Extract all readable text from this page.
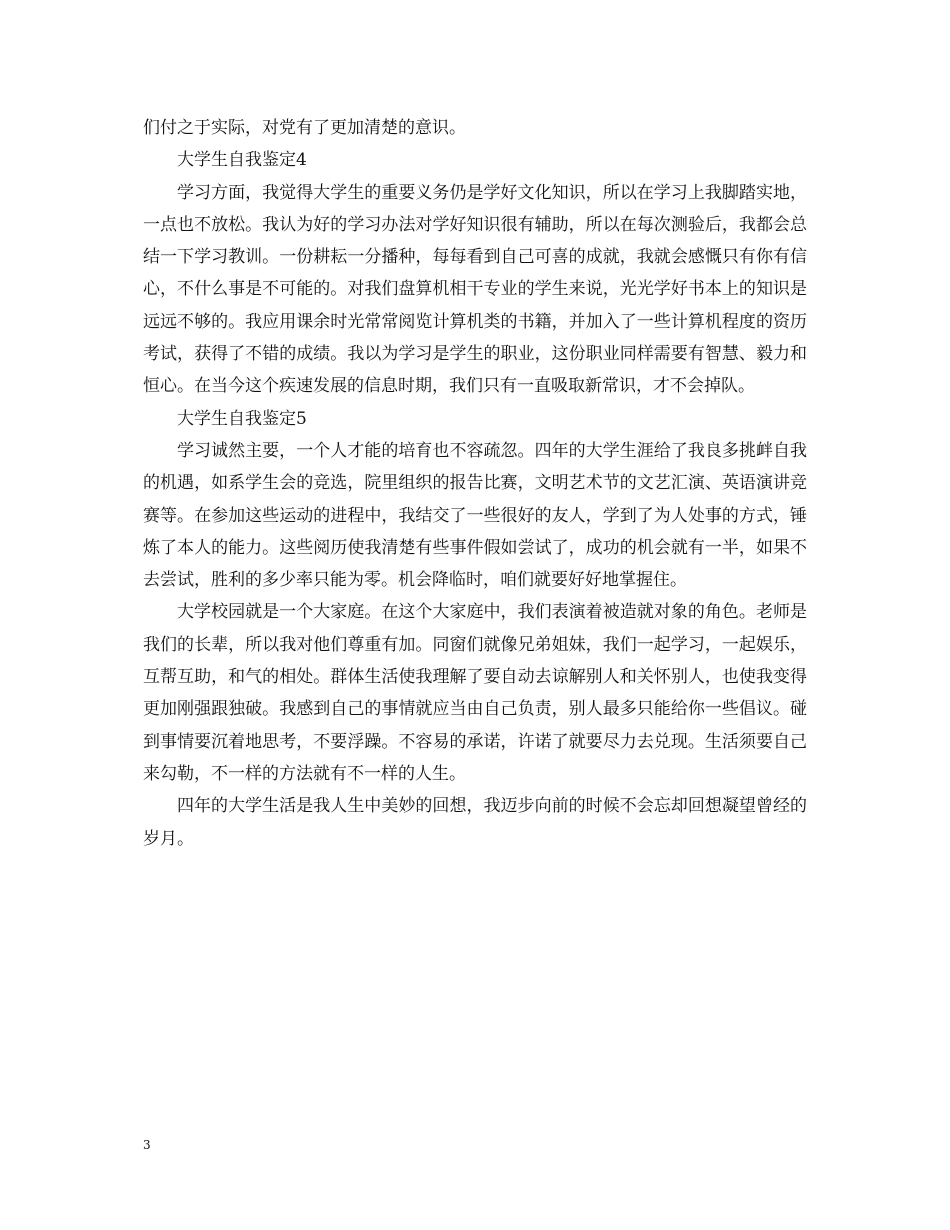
们付之于实际，对党有了更加清楚的意识。

大学生自我鉴定4

学习方面，我觉得大学生的重要义务仍是学好文化知识，所以在学习上我脚踏实地，一点也不放松。我认为好的学习办法对学好知识很有辅助，所以在每次测验后，我都会总结一下学习教训。一份耕耘一分播种，每每看到自己可喜的成就，我就会感慨只有你有信心，不什么事是不可能的。对我们盘算机相干专业的学生来说，光光学好书本上的知识是远远不够的。我应用课余时光常常阅览计算机类的书籍，并加入了一些计算机程度的资历考试，获得了不错的成绩。我以为学习是学生的职业，这份职业同样需要有智慧、毅力和恒心。在当今这个疾速发展的信息时期，我们只有一直吸取新常识，才不会掉队。

大学生自我鉴定5

学习诚然主要，一个人才能的培育也不容疏忽。四年的大学生涯给了我良多挑衅自我的机遇，如系学生会的竞选，院里组织的报告比赛，文明艺术节的文艺汇演、英语演讲竞赛等。在参加这些运动的进程中，我结交了一些很好的友人，学到了为人处事的方式，锤炼了本人的能力。这些阅历使我清楚有些事件假如尝试了，成功的机会就有一半，如果不去尝试，胜利的多少率只能为零。机会降临时，咱们就要好好地掌握住。

大学校园就是一个大家庭。在这个大家庭中，我们表演着被造就对象的角色。老师是我们的长辈，所以我对他们尊重有加。同窗们就像兄弟姐妹，我们一起学习，一起娱乐，互帮互助，和气的相处。群体生活使我理解了要自动去谅解别人和关怀别人，也使我变得更加刚强跟独破。我感到自己的事情就应当由自己负责，别人最多只能给你一些倡议。碰到事情要沉着地思考，不要浮躁。不容易的承诺，许诺了就要尽力去兑现。生活须要自己来勾勒，不一样的方法就有不一样的人生。

四年的大学生活是我人生中美妙的回想，我迈步向前的时候不会忘却回想凝望曾经的岁月。

3
